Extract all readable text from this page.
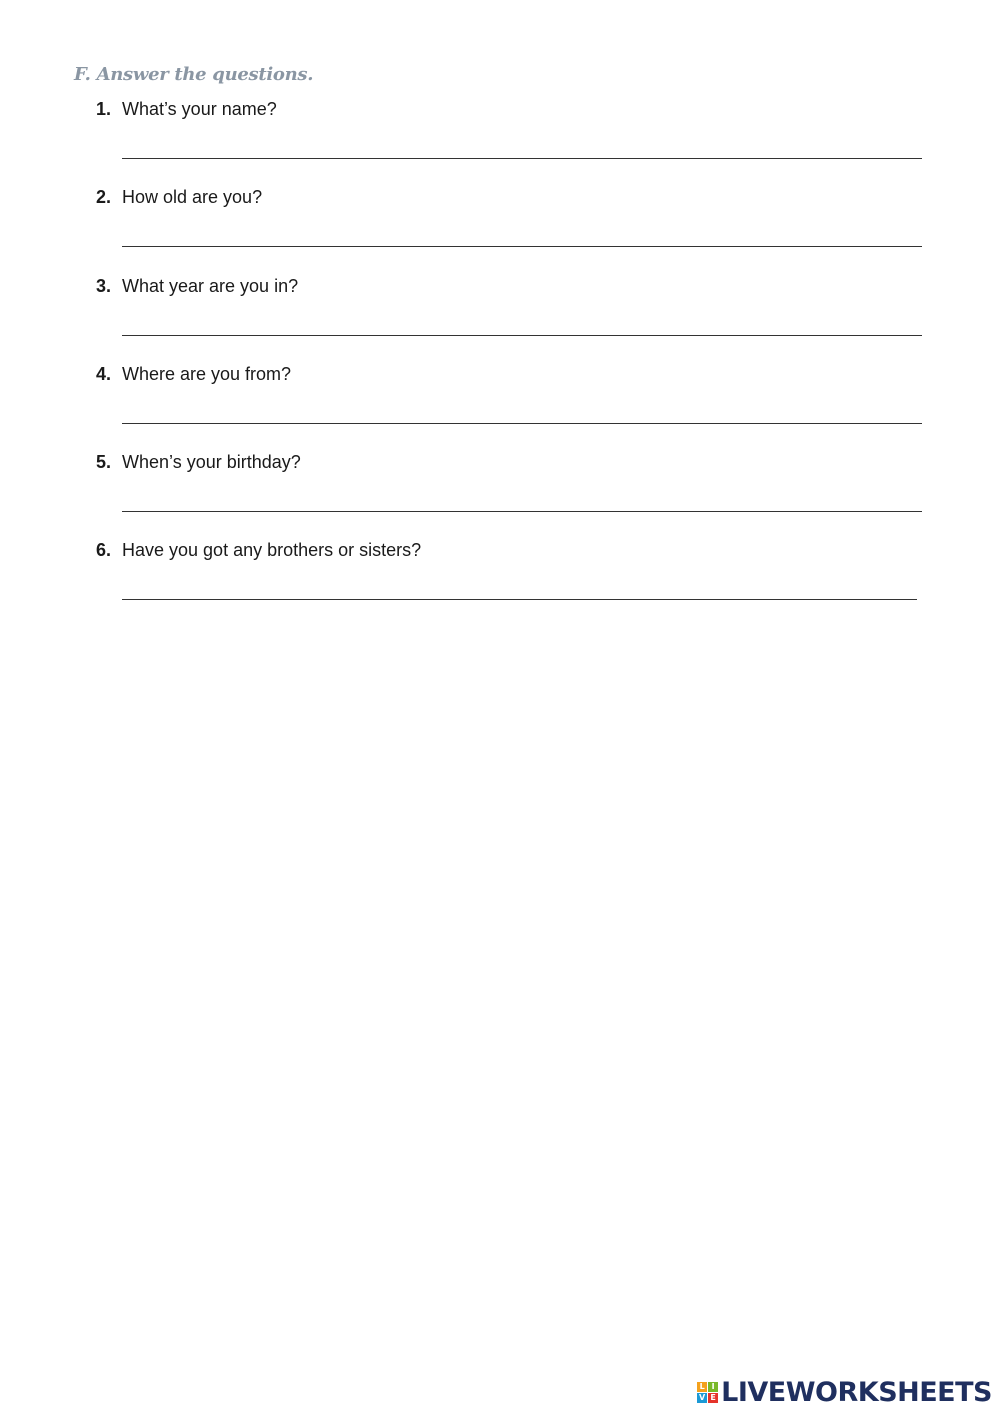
F. Answer the questions.
1. What’s your name?
2. How old are you?
3. What year are you in?
4. Where are you from?
5. When’s your birthday?
6. Have you got any brothers or sisters?
L I
V E LIVEWORKSHEETS
